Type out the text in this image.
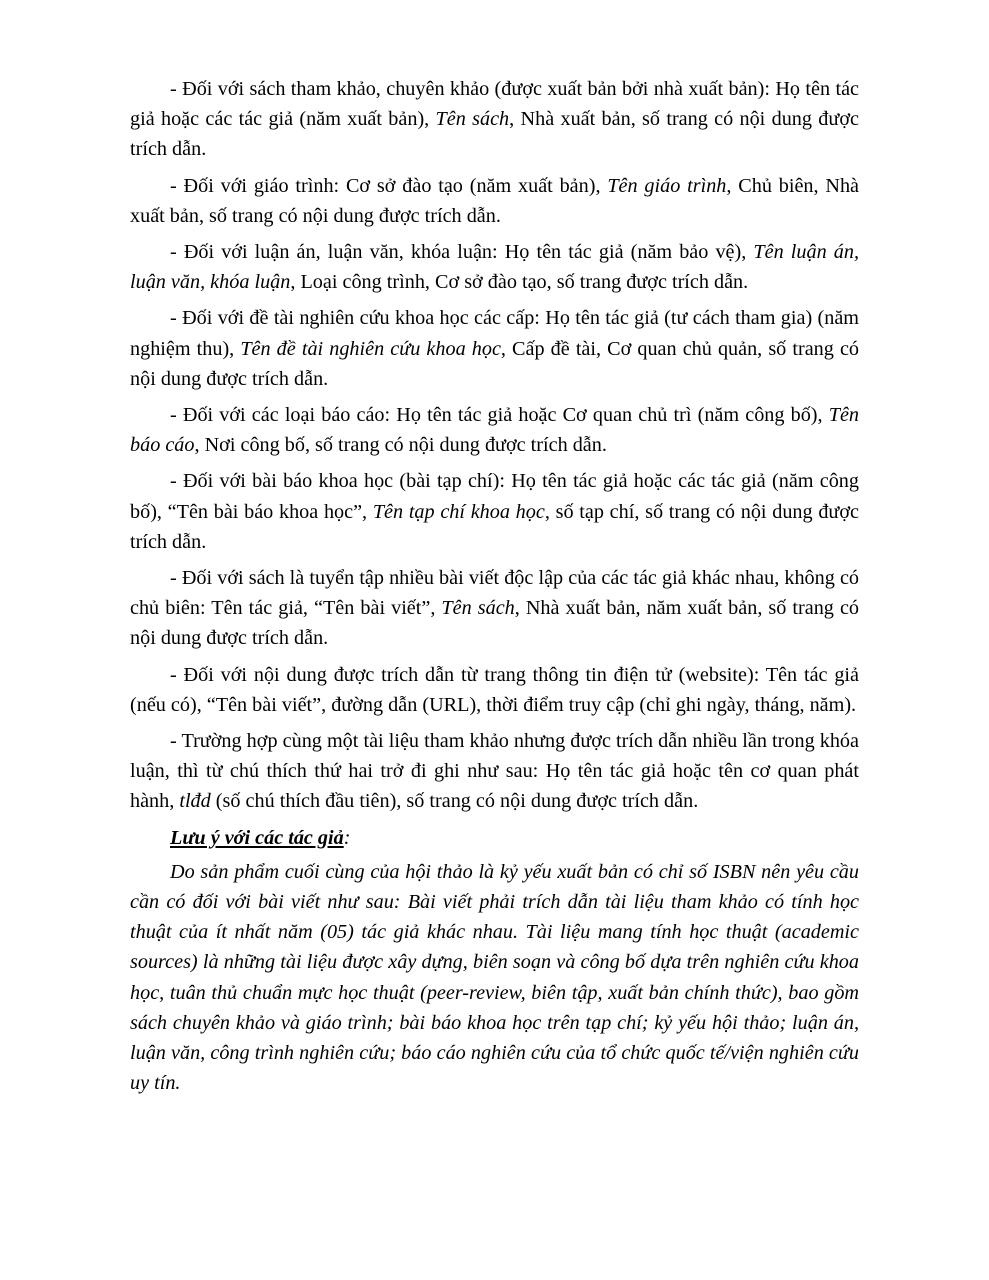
- Đối với sách tham khảo, chuyên khảo (được xuất bản bởi nhà xuất bản): Họ tên tác giả hoặc các tác giả (năm xuất bản), Tên sách, Nhà xuất bản, số trang có nội dung được trích dẫn.

- Đối với giáo trình: Cơ sở đào tạo (năm xuất bản), Tên giáo trình, Chủ biên, Nhà xuất bản, số trang có nội dung được trích dẫn.

- Đối với luận án, luận văn, khóa luận: Họ tên tác giả (năm bảo vệ), Tên luận án, luận văn, khóa luận, Loại công trình, Cơ sở đào tạo, số trang được trích dẫn.

- Đối với đề tài nghiên cứu khoa học các cấp: Họ tên tác giả (tư cách tham gia) (năm nghiệm thu), Tên đề tài nghiên cứu khoa học, Cấp đề tài, Cơ quan chủ quản, số trang có nội dung được trích dẫn.

- Đối với các loại báo cáo: Họ tên tác giả hoặc Cơ quan chủ trì (năm công bố), Tên báo cáo, Nơi công bố, số trang có nội dung được trích dẫn.

- Đối với bài báo khoa học (bài tạp chí): Họ tên tác giả hoặc các tác giả (năm công bố), “Tên bài báo khoa học”, Tên tạp chí khoa học, số tạp chí, số trang có nội dung được trích dẫn.

- Đối với sách là tuyển tập nhiều bài viết độc lập của các tác giả khác nhau, không có chủ biên: Tên tác giả, “Tên bài viết”, Tên sách, Nhà xuất bản, năm xuất bản, số trang có nội dung được trích dẫn.

- Đối với nội dung được trích dẫn từ trang thông tin điện tử (website): Tên tác giả (nếu có), “Tên bài viết”, đường dẫn (URL), thời điểm truy cập (chỉ ghi ngày, tháng, năm).

- Trường hợp cùng một tài liệu tham khảo nhưng được trích dẫn nhiều lần trong khóa luận, thì từ chú thích thứ hai trở đi ghi như sau: Họ tên tác giả hoặc tên cơ quan phát hành, tlđd (số chú thích đầu tiên), số trang có nội dung được trích dẫn.

Lưu ý với các tác giả:

Do sản phẩm cuối cùng của hội thảo là kỷ yếu xuất bản có chỉ số ISBN nên yêu cầu cần có đối với bài viết như sau: Bài viết phải trích dẫn tài liệu tham khảo có tính học thuật của ít nhất năm (05) tác giả khác nhau. Tài liệu mang tính học thuật (academic sources) là những tài liệu được xây dựng, biên soạn và công bố dựa trên nghiên cứu khoa học, tuân thủ chuẩn mực học thuật (peer-review, biên tập, xuất bản chính thức), bao gồm sách chuyên khảo và giáo trình; bài báo khoa học trên tạp chí; kỷ yếu hội thảo; luận án, luận văn, công trình nghiên cứu; báo cáo nghiên cứu của tổ chức quốc tế/viện nghiên cứu uy tín.
